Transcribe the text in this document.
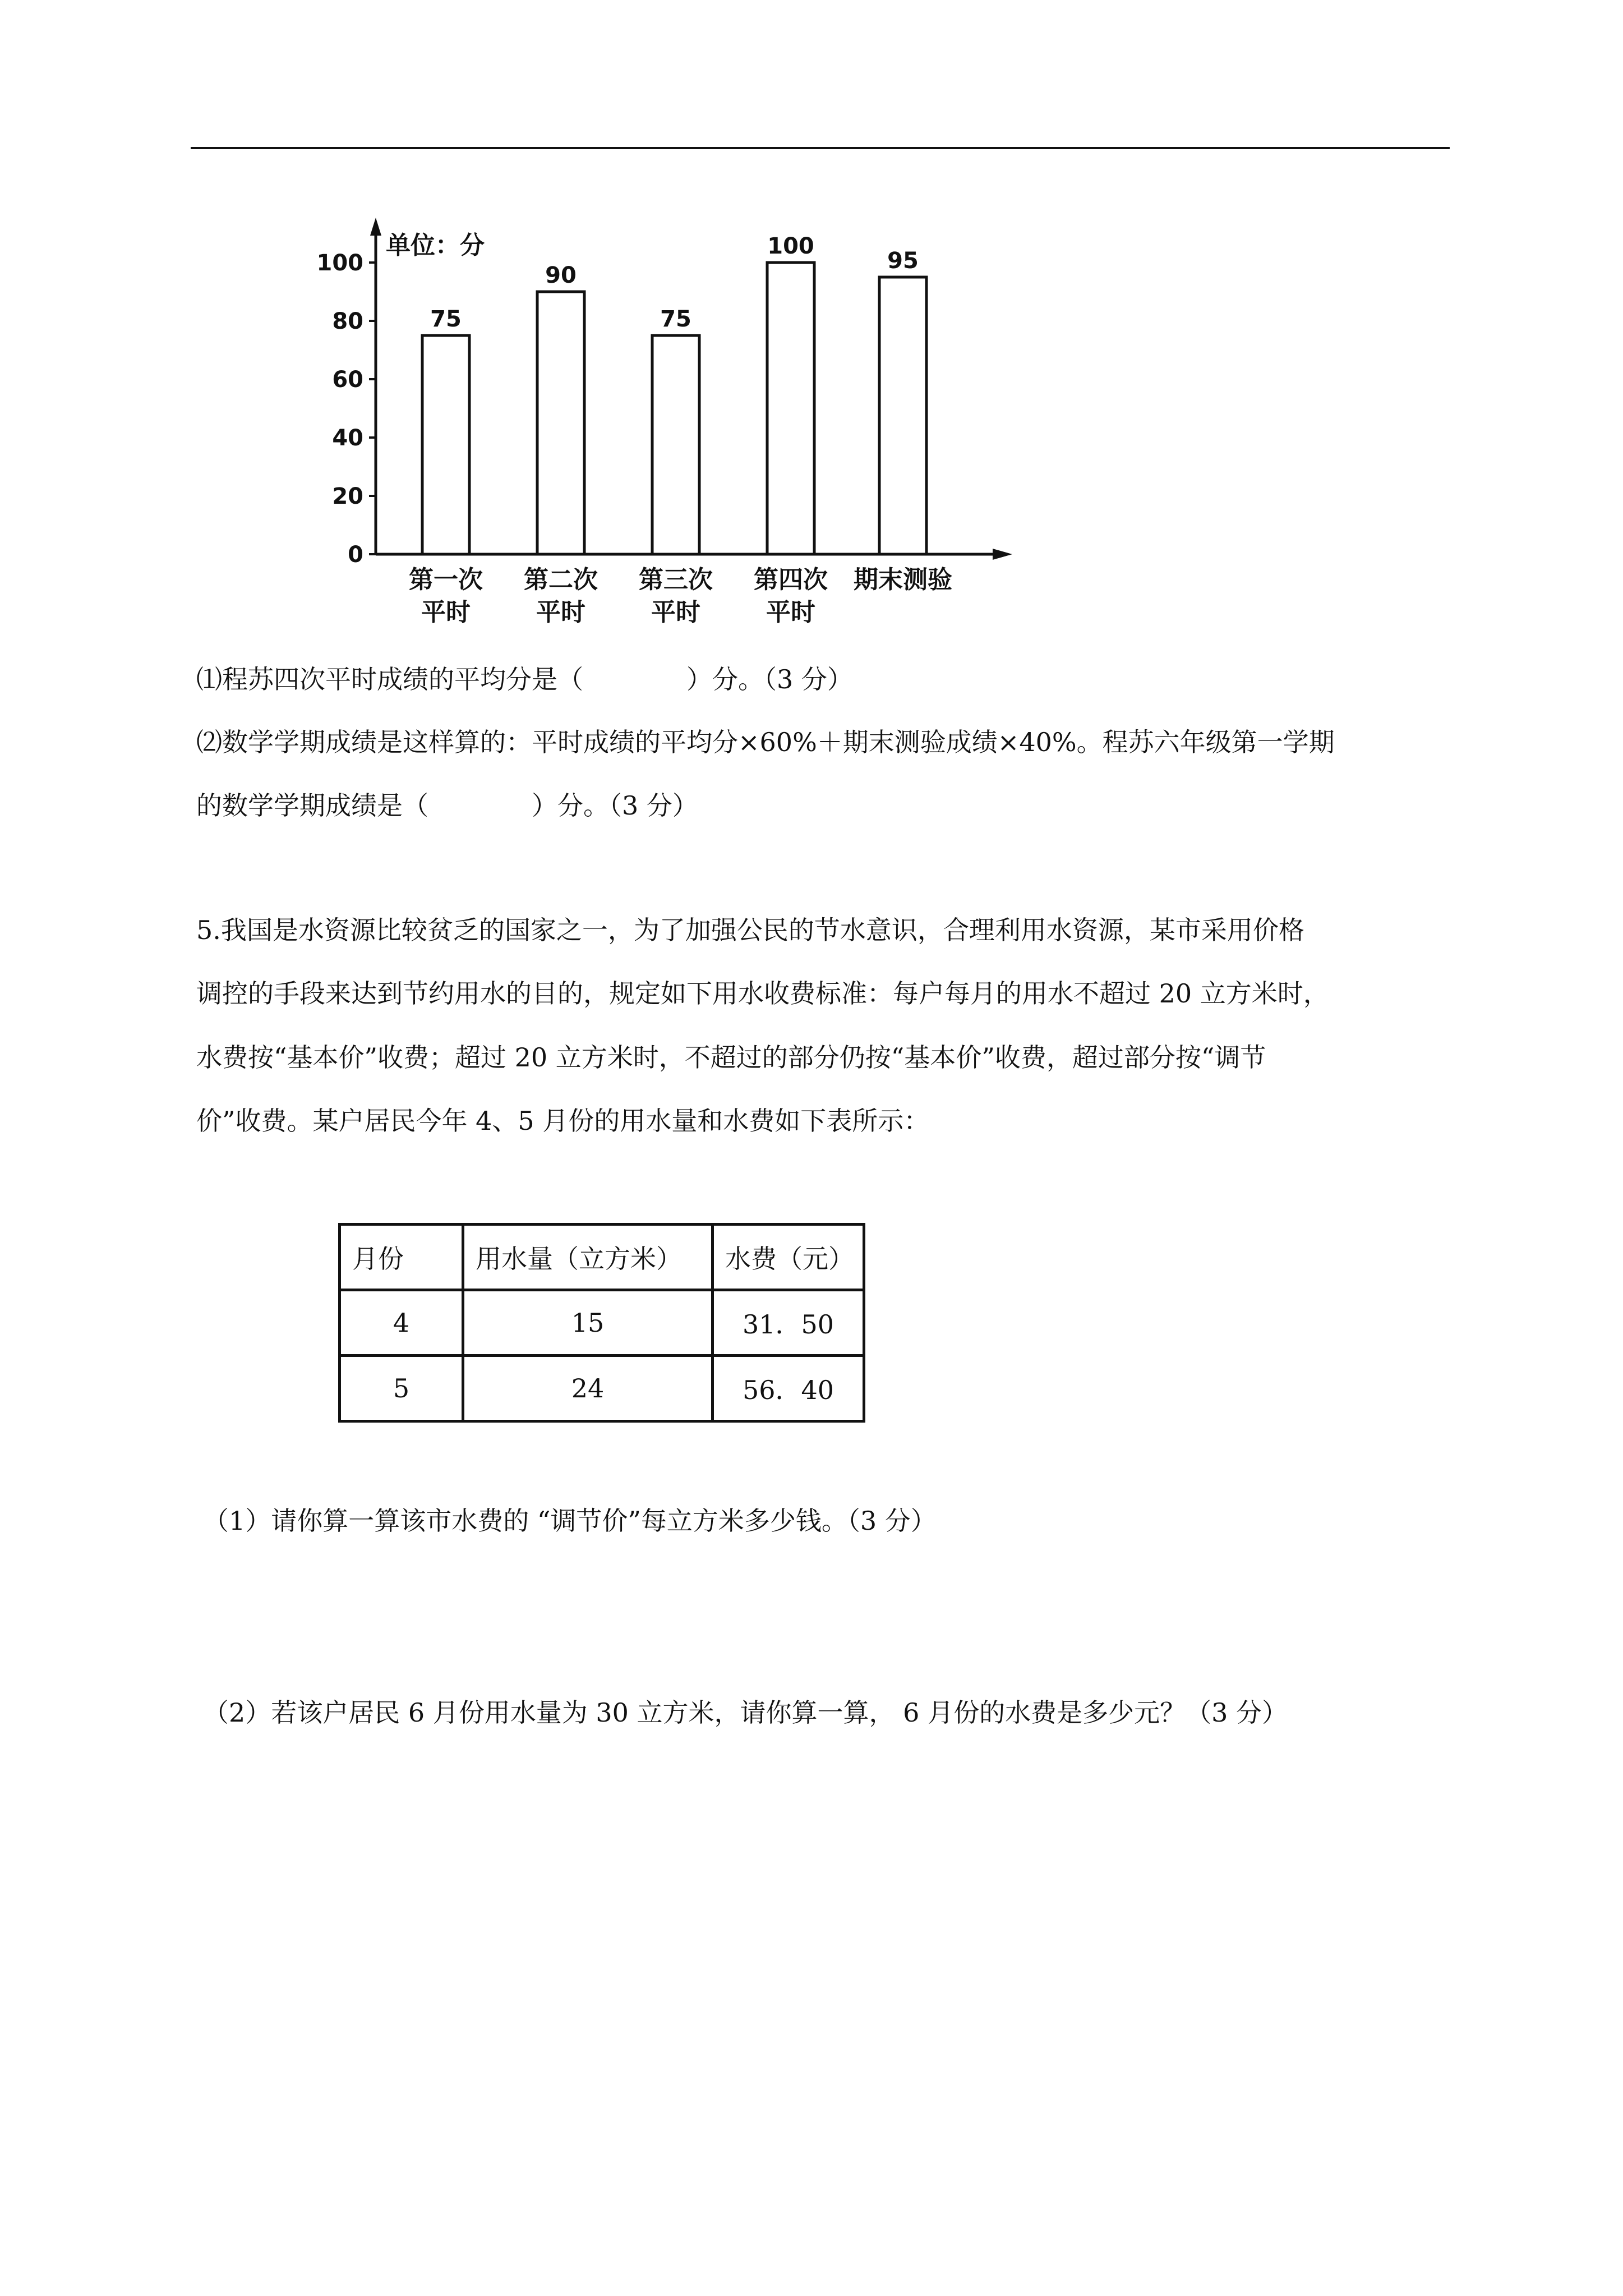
单位：分
0
20
40
60
80
100
75
第一次
平时
90
第二次
平时
75
第三次
平时
100
第四次
平时
95
期末测验
⑴程苏四次平时成绩的平均分是（　　　　）分。（3 分）
⑵数学学期成绩是这样算的：平时成绩的平均分×60%＋期末测验成绩×40%。程苏六年级第一学期
的数学学期成绩是（　　　　）分。（3 分）
5.我国是水资源比较贫乏的国家之一，为了加强公民的节水意识，合理利用水资源，某市采用价格
调控的手段来达到节约用水的目的，规定如下用水收费标准：每户每月的用水不超过 20 立方米时，
水费按“基本价”收费；超过 20 立方米时，不超过的部分仍按“基本价”收费，超过部分按“调节
价”收费。某户居民今年 4、5 月份的用水量和水费如下表所示：
月份	用水量（立方米）	水费（元）
4	15	31．50
5	24	56．40
（1）请你算一算该市水费的 “调节价”每立方米多少钱。（3 分）
（2）若该户居民 6 月份用水量为 30 立方米，请你算一算， 6 月份的水费是多少元？（3 分）
